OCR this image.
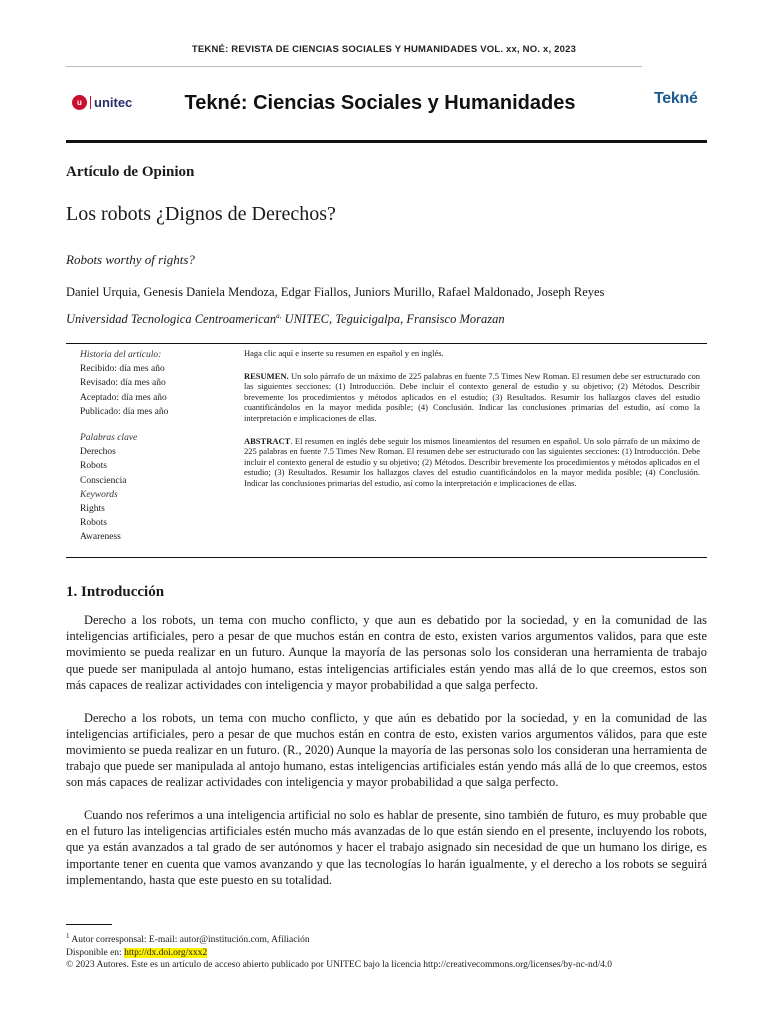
TEKNÉ: REVISTA DE CIENCIAS SOCIALES Y HUMANIDADES VOL. xx, NO. x, 2023
u unitec	Tekné: Ciencias Sociales y Humanidades	Tekné
Artículo de Opinion
Los robots ¿Dignos de Derechos?
Robots worthy of rights?
Daniel Urquia, Genesis Daniela Mendoza, Edgar Fiallos, Juniors Murillo, Rafael Maldonado, Joseph Reyes
Universidad Tecnologica Centroamerican$^{a,}$ UNITEC, Teguicigalpa, Fransisco Morazan
Historia del artículo:
Recibido: día mes año
Revisado: día mes año
Aceptado: día mes año
Publicado: día mes año
Palabras clave
Derechos
Robots
Consciencia
Keywords
Rights
Robots
Awareness

Haga clic aquí e inserte su resumen en español y en inglés.

RESUMEN. Un solo párrafo de un máximo de 225 palabras en fuente 7.5 Times New Roman. El resumen debe ser estructurado con las siguientes secciones: (1) Introducción. Debe incluir el contexto general de estudio y su objetivo; (2) Métodos. Describir brevemente los procedimientos y métodos aplicados en el estudio; (3) Resultados. Resumir los hallazgos claves del estudio cuantificándolos en la mayor medida posible; (4) Conclusión. Indicar las conclusiones primarias del estudio, así como la interpretación e implicaciones de ellas.

ABSTRACT. El resumen en inglés debe seguir los mismos lineamientos del resumen en español. Un solo párrafo de un máximo de 225 palabras en fuente 7.5 Times New Roman. El resumen debe ser estructurado con las siguientes secciones: (1) Introducción. Debe incluir el contexto general de estudio y su objetivo; (2) Métodos. Describir brevemente los procedimientos y métodos aplicados en el estudio; (3) Resultados. Resumir los hallazgos claves del estudio cuantificándolos en la mayor medida posible; (4) Conclusión. Indicar las conclusiones primarias del estudio, así como la interpretación e implicaciones de ellas.

1. Introducción

Derecho a los robots, un tema con mucho conflicto, y que aun es debatido por la sociedad, y en la comunidad de las inteligencias artificiales, pero a pesar de que muchos están en contra de esto, existen varios argumentos validos, para que este movimiento se pueda realizar en un futuro. Aunque la mayoría de las personas solo los consideran una herramienta de trabajo que puede ser manipulada al antojo humano, estas inteligencias artificiales están yendo mas allá de lo que creemos, estos son más capaces de realizar actividades con inteligencia y mayor probabilidad a que salga perfecto.

Derecho a los robots, un tema con mucho conflicto, y que aún es debatido por la sociedad, y en la comunidad de las inteligencias artificiales, pero a pesar de que muchos están en contra de esto, existen varios argumentos válidos, para que este movimiento se pueda realizar en un futuro. (R., 2020) Aunque la mayoría de las personas solo los consideran una herramienta de trabajo que puede ser manipulada al antojo humano, estas inteligencias artificiales están yendo más allá de lo que creemos, estos son más capaces de realizar actividades con inteligencia y mayor probabilidad a que salga perfecto.

Cuando nos referimos a una inteligencia artificial no solo es hablar de presente, sino también de futuro, es muy probable que en el futuro las inteligencias artificiales estén mucho más avanzadas de lo que están siendo en el presente, incluyendo los robots, que ya están avanzados a tal grado de ser autónomos y hacer el trabajo asignado sin necesidad de que un humano los dirige, es importante tener en cuenta que vamos avanzando y que las tecnologías lo harán igualmente, y el derecho a los robots se seguirá implementando, hasta que este puesto en su totalidad.

$^1$ Autor corresponsal: E-mail: autor@institución.com, Afiliación
Disponible en: http://dx.doi.org/xxx2
© 2023 Autores. Este es un artículo de acceso abierto publicado por UNITEC bajo la licencia http://creativecommons.org/licenses/by-nc-nd/4.0
